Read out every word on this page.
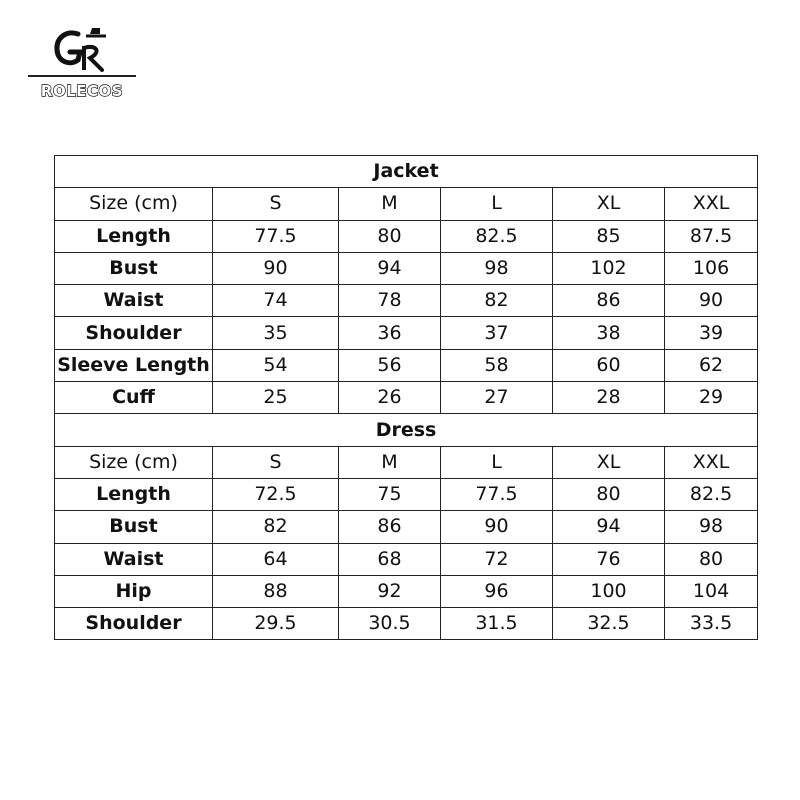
ROLECOS
Jacket					
Size (cm)	S	M	L	XL	XXL
Length	77.5	80	82.5	85	87.5
Bust	90	94	98	102	106
Waist	74	78	82	86	90
Shoulder	35	36	37	38	39
Sleeve Length	54	56	58	60	62
Cuff	25	26	27	28	29
Dress					
Size (cm)	S	M	L	XL	XXL
Length	72.5	75	77.5	80	82.5
Bust	82	86	90	94	98
Waist	64	68	72	76	80
Hip	88	92	96	100	104
Shoulder	29.5	30.5	31.5	32.5	33.5
